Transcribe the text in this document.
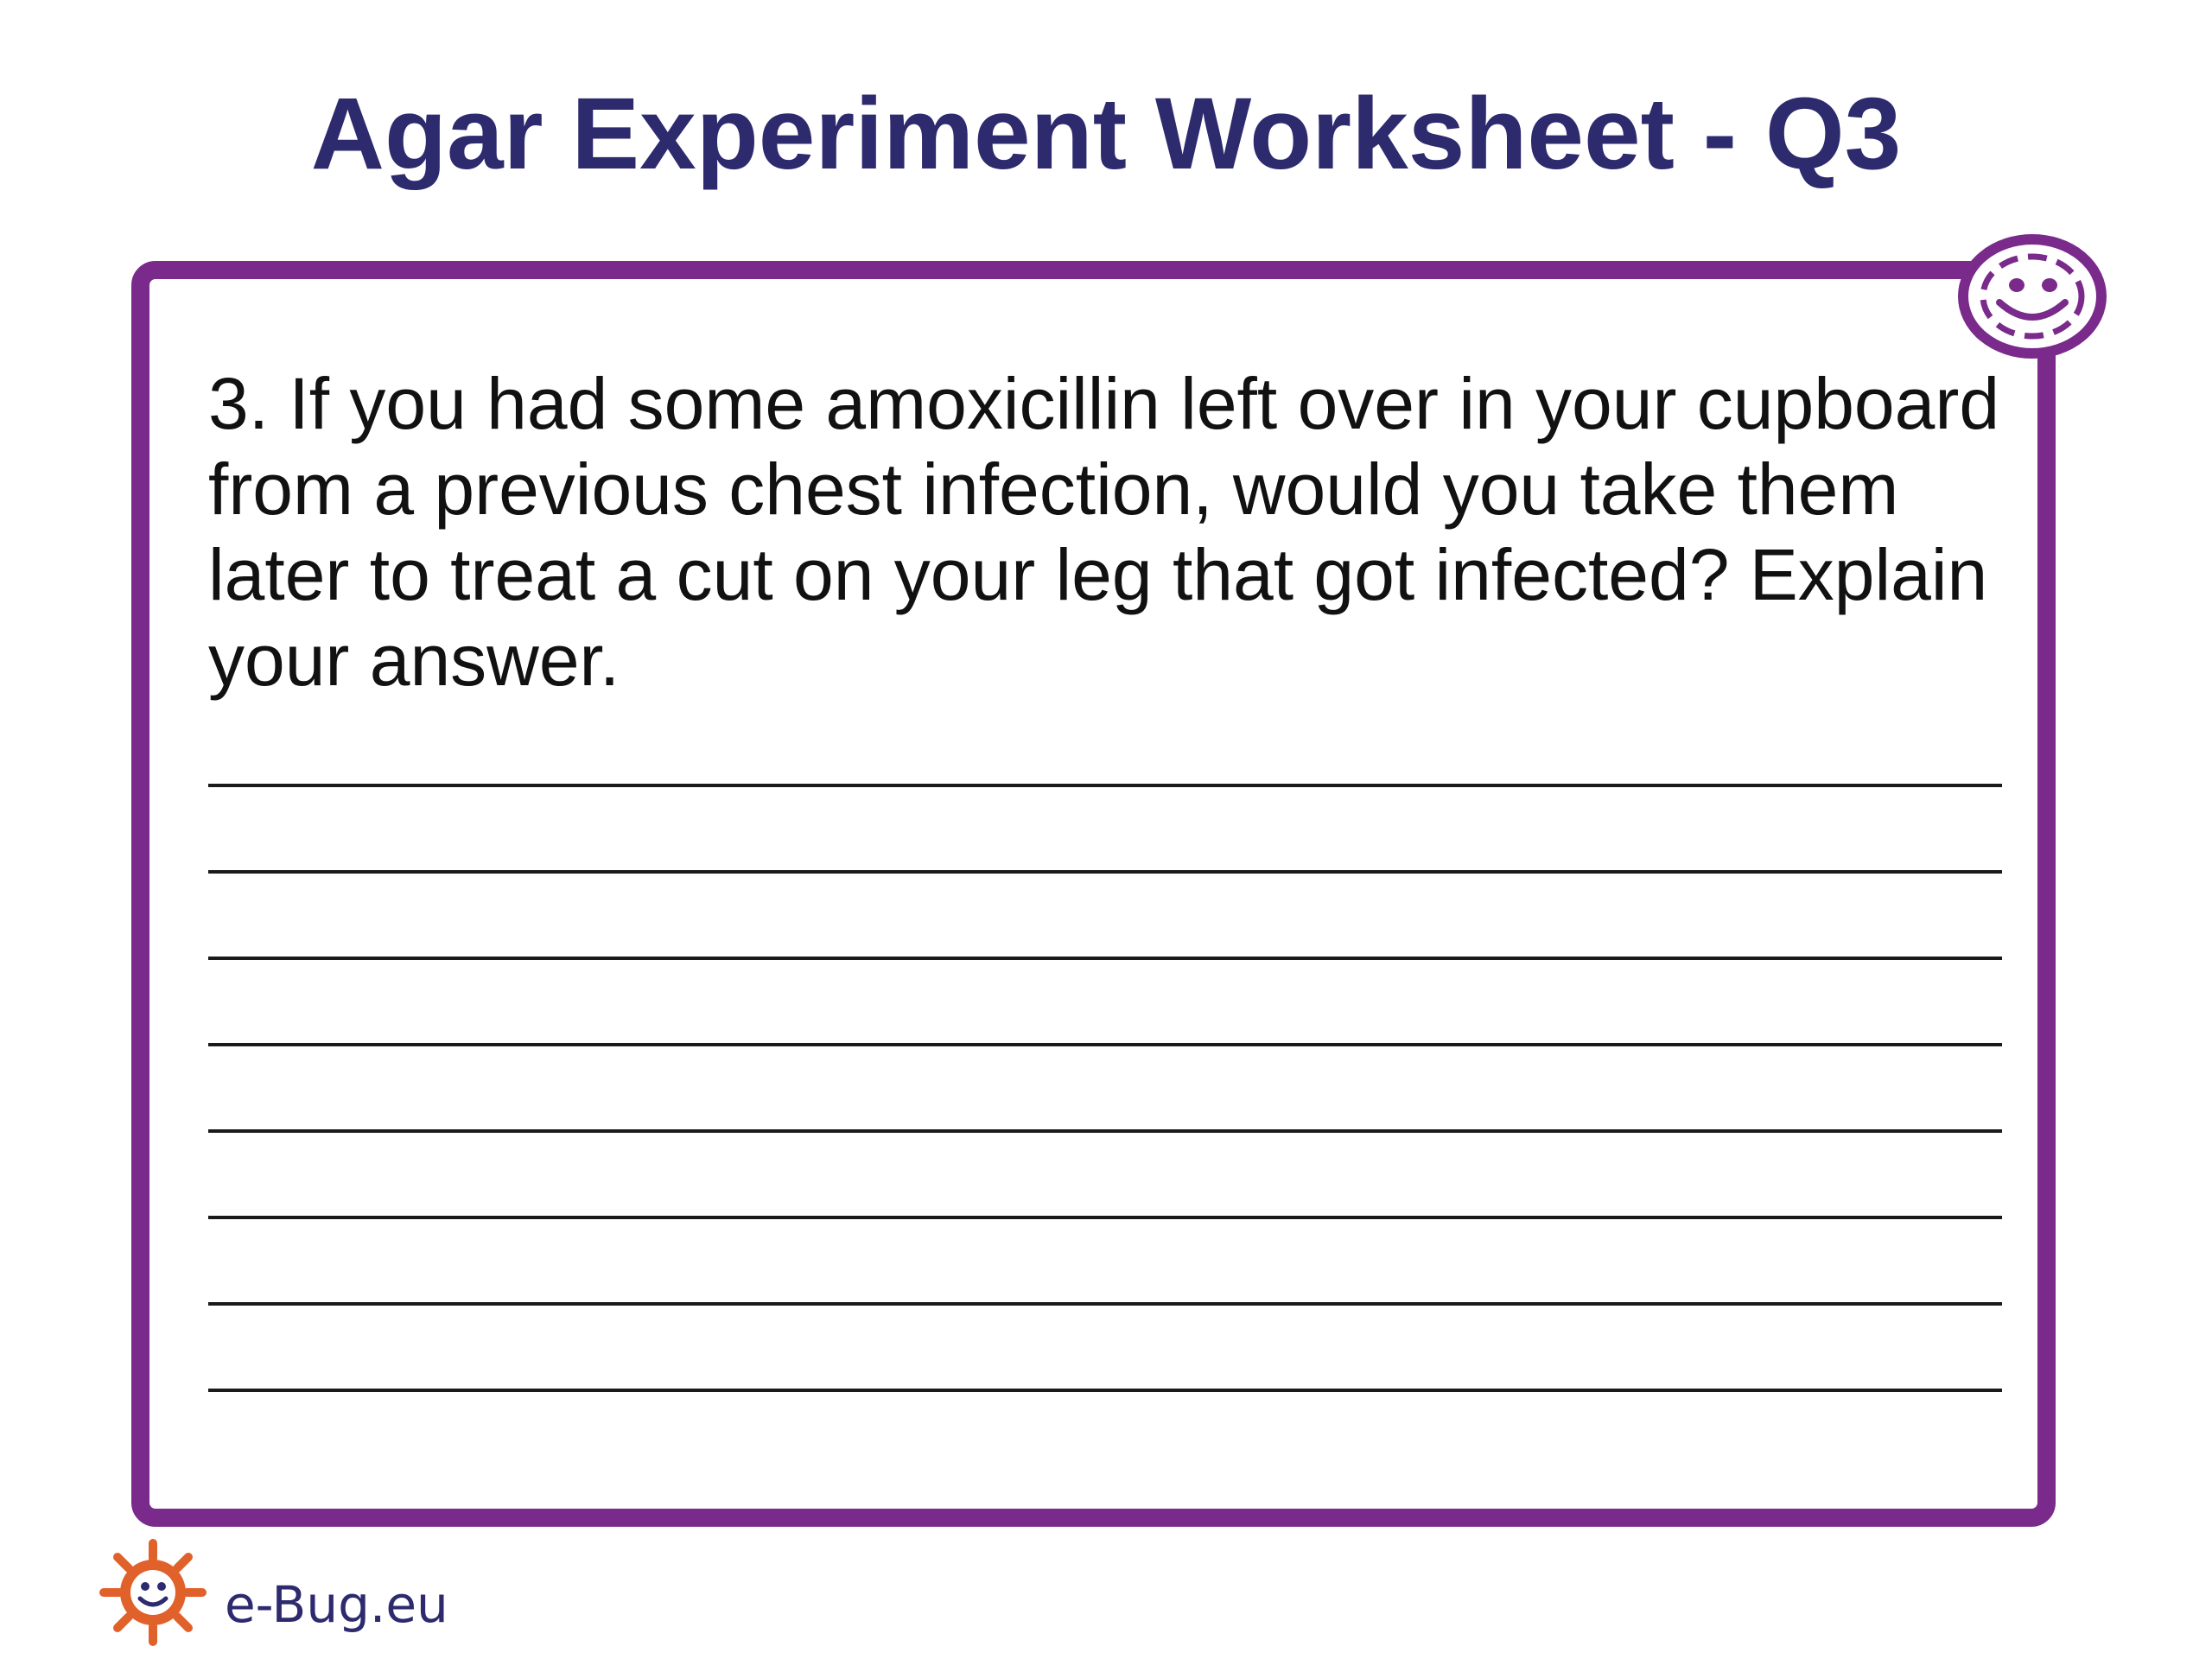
Agar Experiment Worksheet - Q3

3. If you had some amoxicillin left over in your cupboard from a previous chest infection, would you take them later to treat a cut on your leg that got infected? Explain your answer.

e-Bug.eu
